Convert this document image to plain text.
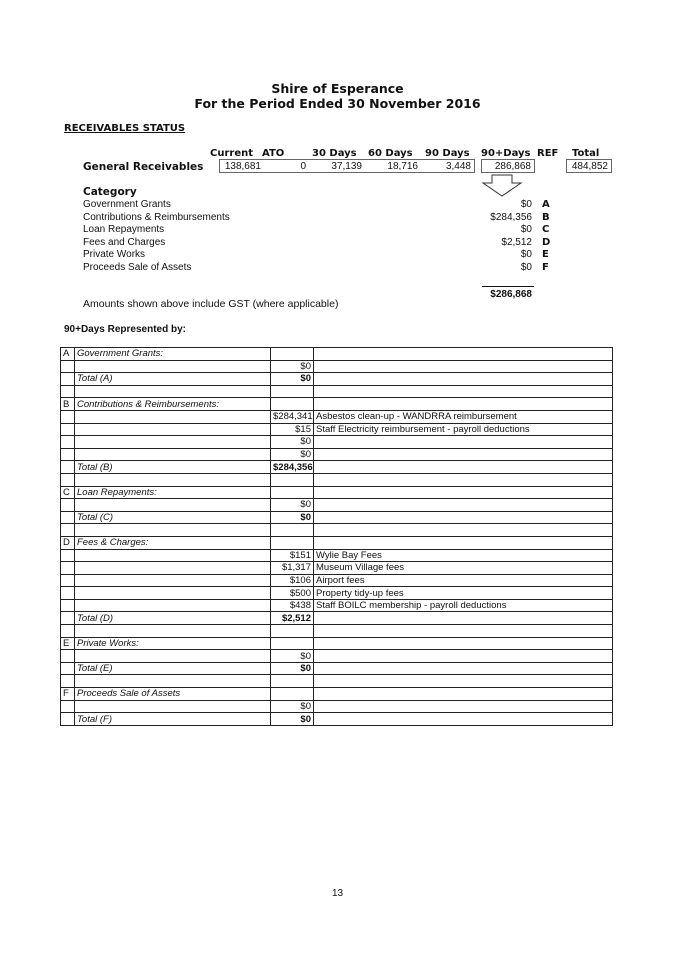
Shire of Esperance
For the Period Ended 30 November 2016
RECEIVABLES STATUS
Current ATO	30 Days 60 Days 90 Days 90+Days REF Total
General Receivables	138,681	0	37,139	18,716	3,448	286,868	484,852
Category
Government Grants	$0 A
Contributions & Reimbursements	$284,356 B
Loan Repayments	$0 C
Fees and Charges	$2,512 D
Private Works	$0 E
Proceeds Sale of Assets	$0 F
$286,868
Amounts shown above include GST (where applicable)
90+Days Represented by:
A	Government Grants:		
		$0	
	Total (A)	$0	

B	Contributions & Reimbursements:		
		$284,341	Asbestos clean-up - WANDRRA reimbursement
		$15	Staff Electricity reimbursement - payroll deductions
		$0	
		$0	
	Total (B)	$284,356	

C	Loan Repayments:		
		$0	
	Total (C)	$0	

D	Fees & Charges:		
		$151	Wylie Bay Fees
		$1,317	Museum Village fees
		$106	Airport fees
		$500	Property tidy-up fees
		$438	Staff BOILC membership - payroll deductions
	Total (D)	$2,512	

E	Private Works:		
		$0	
	Total (E)	$0	

F	Proceeds Sale of Assets		
		$0	
	Total (F)	$0	
13
